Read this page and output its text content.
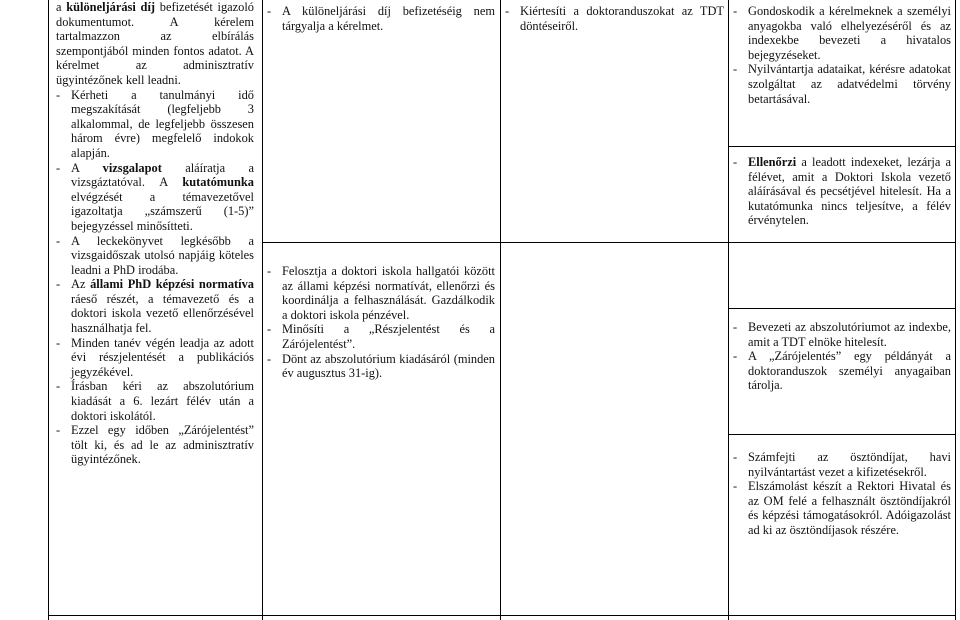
a különeljárási díj befizetését igazoló dokumentumot. A kérelem tartalmazzon az elbírálás szempontjából minden fontos adatot. A kérelmet az adminisztratív ügyintézőnek kell leadni.
- Kérheti a tanulmányi idő megszakítását (legfeljebb 3 alkalommal, de legfeljebb összesen három évre) megfelelő indokok alapján.
- A vizsgalapot aláíratja a vizsgáztatóval. A kutatómunka elvégzését a témavezetővel igazoltatja „számszerű (1-5)” bejegyzéssel minősítteti.
- A leckekönyvet legkésőbb a vizsgaidőszak utolsó napjáig köteles leadni a PhD irodába.
- Az állami PhD képzési normatíva ráeső részét, a témavezető és a doktori iskola vezető ellenőrzésével használhatja fel.
- Minden tanév végén leadja az adott évi részjelentését a publikációs jegyzékével.
- Írásban kéri az abszolutórium kiadását a 6. lezárt félév után a doktori iskolától.
- Ezzel egy időben „Zárójelentést” tölt ki, és ad le az adminisztratív ügyintézőnek.
- A különeljárási díj befizetéséig nem tárgyalja a kérelmet.
- Felosztja a doktori iskola hallgatói között az állami képzési normatívát, ellenőrzi és koordinálja a felhasználását. Gazdálkodik a doktori iskola pénzével.
- Minősíti a „Részjelentést és a Zárójelentést”.
- Dönt az abszolutórium kiadásáról (minden év augusztus 31-ig).
- Kiértesíti a doktoranduszokat az TDT döntéseiről.
- Gondoskodik a kérelmeknek a személyi anyagokba való elhelyezéséről és az indexekbe bevezeti a hivatalos bejegyzéseket.
- Nyilvántartja adataikat, kérésre adatokat szolgáltat az adatvédelmi törvény betartásával.
- Ellenőrzi a leadott indexeket, lezárja a félévet, amit a Doktori Iskola vezető aláírásával és pecsétjével hitelesít. Ha a kutatómunka nincs teljesítve, a félév érvénytelen.
- Bevezeti az abszolutóriumot az indexbe, amit a TDT elnöke hitelesít.
- A „Zárójelentés” egy példányát a doktoranduszok személyi anyagaiban tárolja.
- Számfejti az ösztöndíjat, havi nyilvántartást vezet a kifizetésekről.
- Elszámolást készít a Rektori Hivatal és az OM felé a felhasznált ösztöndíjakról és képzési támogatásokról. Adóigazolást ad ki az ösztöndíjasok részére.
